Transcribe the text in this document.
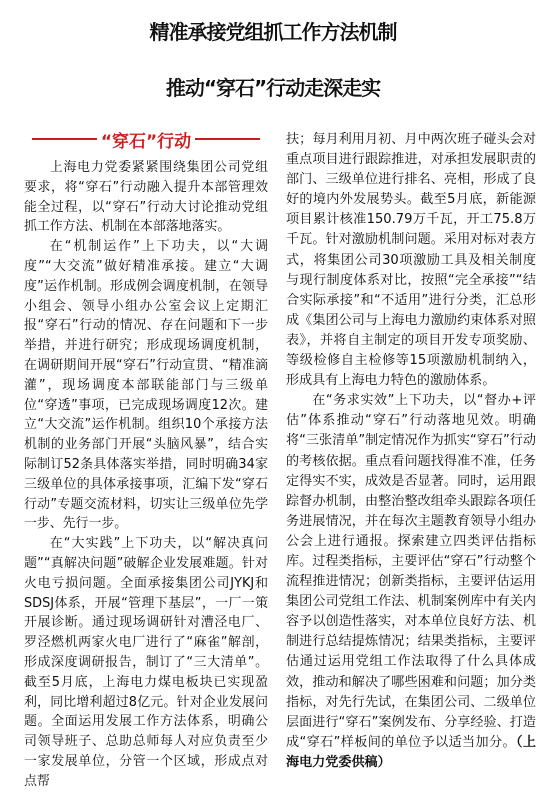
精准承接党组抓工作方法机制
推动“穿石”行动走深走实
“穿石”行动

上海电力党委紧紧围绕集团公司党组要求，将“穿石”行动融入提升本部管理效能全过程，以“穿石”行动大讨论推动党组抓工作方法、机制在本部落地落实。

在“机制运作”上下功夫，以“大调度”“大交流”做好精准承接。建立“大调度”运作机制。形成例会调度机制，在领导小组会、领导小组办公室会议上定期汇报“穿石”行动的情况、存在问题和下一步举措，并进行研究；形成现场调度机制，在调研期间开展“穿石”行动宣贯、“精准滴灌”，现场调度本部联能部门与三级单位“穿透”事项，已完成现场调度12次。建立“大交流”运作机制。组织10个承接方法机制的业务部门开展“头脑风暴”，结合实际制订52条具体落实举措，同时明确34家三级单位的具体承接事项，汇编下发“穿石行动”专题交流材料，切实让三级单位先学一步、先行一步。

在“大实践”上下功夫，以“解决真问题”“真解决问题”破解企业发展难题。针对火电亏损问题。全面承接集团公司JYKJ和SDSJ体系，开展“管理下基层”，一厂一策开展诊断。通过现场调研针对漕泾电厂、罗泾燃机两家火电厂进行了“麻雀”解剖，形成深度调研报告，制订了“三大清单”。截至5月底，上海电力煤电板块已实现盈利，同比增利超过8亿元。针对企业发展问题。全面运用发展工作方法体系，明确公司领导班子、总助总师每人对应负责至少一家发展单位，分管一个区域，形成点对点帮

扶；每月利用月初、月中两次班子碰头会对重点项目进行跟踪推进，对承担发展职责的部门、三级单位进行排名、亮相，形成了良好的境内外发展势头。截至5月底，新能源项目累计核准150.79万千瓦，开工75.8万千瓦。针对激励机制问题。采用对标对表方式，将集团公司30项激励工具及相关制度与现行制度体系对比，按照“完全承接”“结合实际承接”和“不适用”进行分类，汇总形成《集团公司与上海电力激励约束体系对照表》，并将自主制定的项目开发专项奖励、等级检修自主检修等15项激励机制纳入，形成具有上海电力特色的激励体系。

在“务求实效”上下功夫，以“督办+评估”体系推动“穿石”行动落地见效。明确将“三张清单”制定情况作为抓实“穿石”行动的考核依据。重点看问题找得准不准，任务定得实不实，成效是否显著。同时，运用跟踪督办机制，由整治整改组牵头跟踪各项任务进展情况，并在每次主题教育领导小组办公会上进行通报。探索建立四类评估指标库。过程类指标，主要评估“穿石”行动整个流程推进情况；创新类指标，主要评估运用集团公司党组工作法、机制案例库中有关内容予以创造性落实，对本单位良好方法、机制进行总结提炼情况；结果类指标，主要评估通过运用党组工作法取得了什么具体成效，推动和解决了哪些困难和问题；加分类指标，对先行先试，在集团公司、二级单位层面进行“穿石”案例发布、分享经验、打造成“穿石”样板间的单位予以适当加分。（上海电力党委供稿）
